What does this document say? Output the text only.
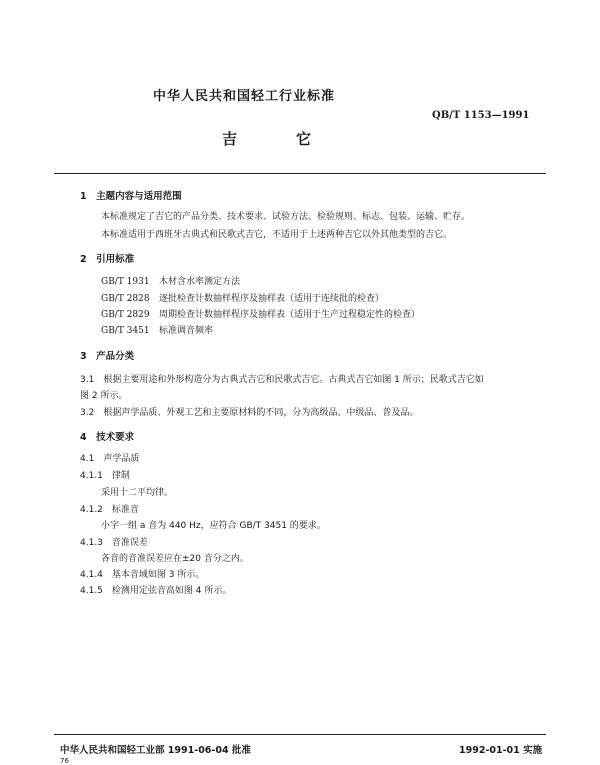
中华人民共和国轻工行业标准
QB/T 1153—1991
吉　它
1　主题内容与适用范围
本标准规定了吉它的产品分类、技术要求、试验方法、检验规则、标志、包装、运输、贮存。
本标准适用于西班牙古典式和民歌式吉它，不适用于上述两种吉它以外其他类型的吉它。
2　引用标准
GB/T 1931 木材含水率测定方法
GB/T 2828 逐批检查计数抽样程序及抽样表（适用于连续批的检查）
GB/T 2829 周期检查计数抽样程序及抽样表（适用于生产过程稳定性的检查）
GB/T 3451 标准调音频率
3　产品分类
3.1　根据主要用途和外形构造分为古典式吉它和民歌式吉它。古典式吉它如图 1 所示；民歌式吉它如
图 2 所示。
3.2　根据声学品质、外观工艺和主要原材料的不同，分为高级品、中级品、普及品。
4　技术要求
4.1　声学品质
4.1.1　律制
采用十二平均律。
4.1.2　标准音
小字一组 a 音为 440 Hz，应符合 GB/T 3451 的要求。
4.1.3　音准误差
各音的音准误差应在±20 音分之内。
4.1.4　基本音域如图 3 所示。
4.1.5　检测用定弦音高如图 4 所示。
中华人民共和国轻工业部 1991-06-04 批准	1992-01-01 实施
76
